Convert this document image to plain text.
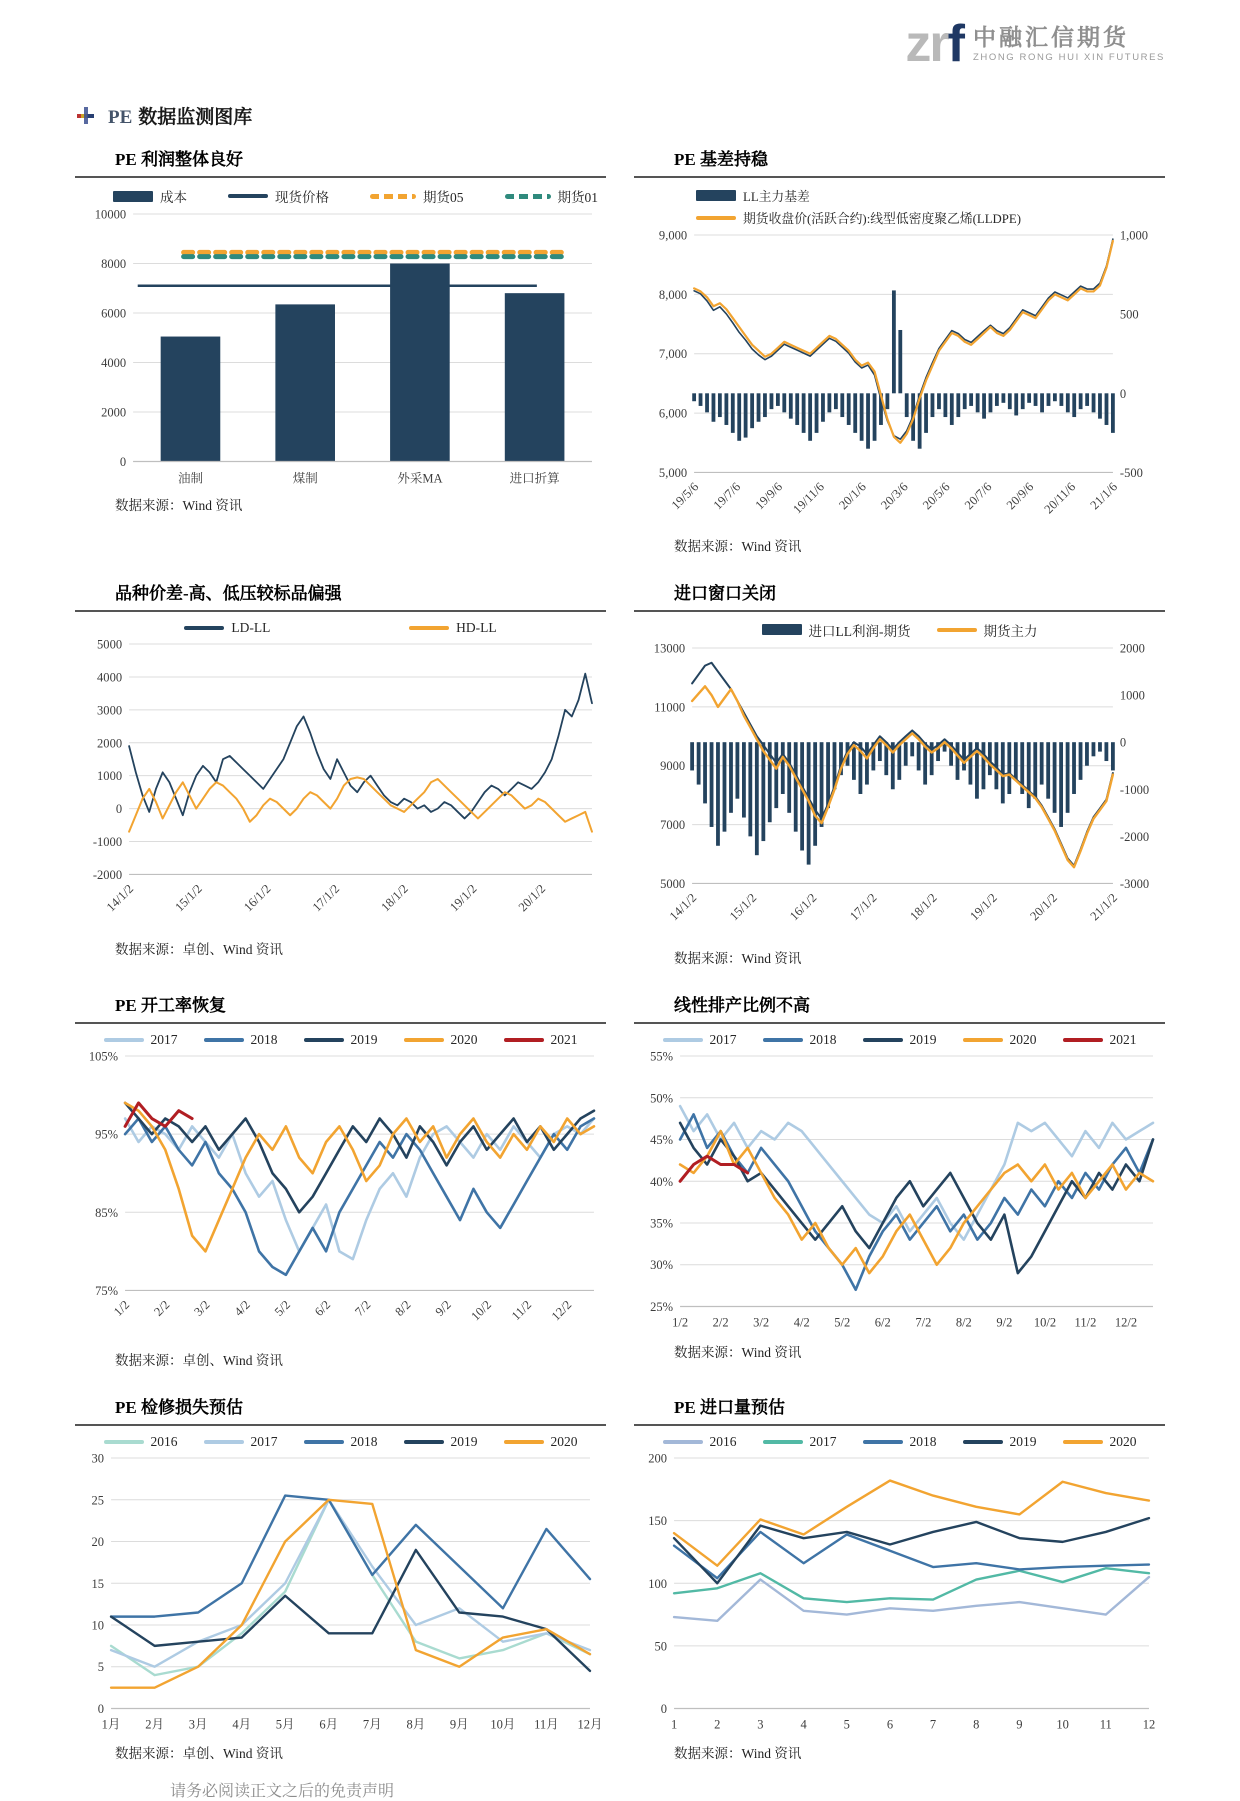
zrf 中融汇信期货
ZHONG RONG HUI XIN FUTURES
PE 数据监测图库
PE 利润整体良好
成本	现货价格	期货05	期货01
0
2000
4000
6000
8000
10000
油制	煤制	外采MA	进口折算
数据来源：Wind 资讯
PE 基差持稳
LL主力基差
期货收盘价(活跃合约):线型低密度聚乙烯(LLDPE)
5,000
6,000
7,000
8,000
9,000
-500
0
500
1,000
19/5/6 19/7/6 19/9/6 19/11/6 20/1/6 20/3/6 20/5/6 20/7/6 20/9/6 20/11/6 21/1/6
数据来源：Wind 资讯
品种价差-高、低压较标品偏强
LD-LL	HD-LL
-2000
-1000
0
1000
2000
3000
4000
5000
14/1/2	15/1/2	16/1/2	17/1/2	18/1/2	19/1/2	20/1/2
数据来源：卓创、Wind 资讯
进口窗口关闭
进口LL利润-期货	期货主力
5000
7000
9000
11000
13000
-3000
-2000
-1000
0
1000
2000
14/1/2 15/1/2 16/1/2 17/1/2 18/1/2 19/1/2 20/1/2 21/1/2
数据来源：Wind 资讯
PE 开工率恢复
2017	2018	2019	2020	2021
75%
85%
95%
105%
1/2 2/2 3/2 4/2 5/2 6/2 7/2 8/2 9/2 10/2 11/2 12/2
数据来源：卓创、Wind 资讯
线性排产比例不高
2017	2018	2019	2020	2021
25%
30%
35%
40%
45%
50%
55%
1/2 2/2 3/2 4/2 5/2 6/2 7/2 8/2 9/2 10/2 11/2 12/2
数据来源：Wind 资讯
PE 检修损失预估
2016	2017	2018	2019	2020
0
5
10
15
20
25
30
1月 2月 3月 4月 5月 6月 7月 8月 9月 10月 11月 12月
数据来源：卓创、Wind 资讯
PE 进口量预估
2016	2017	2018	2019	2020
0
50
100
150
200
1	2	3	4	5	6	7	8	9	10 11 12
数据来源：Wind 资讯
请务必阅读正文之后的免责声明
